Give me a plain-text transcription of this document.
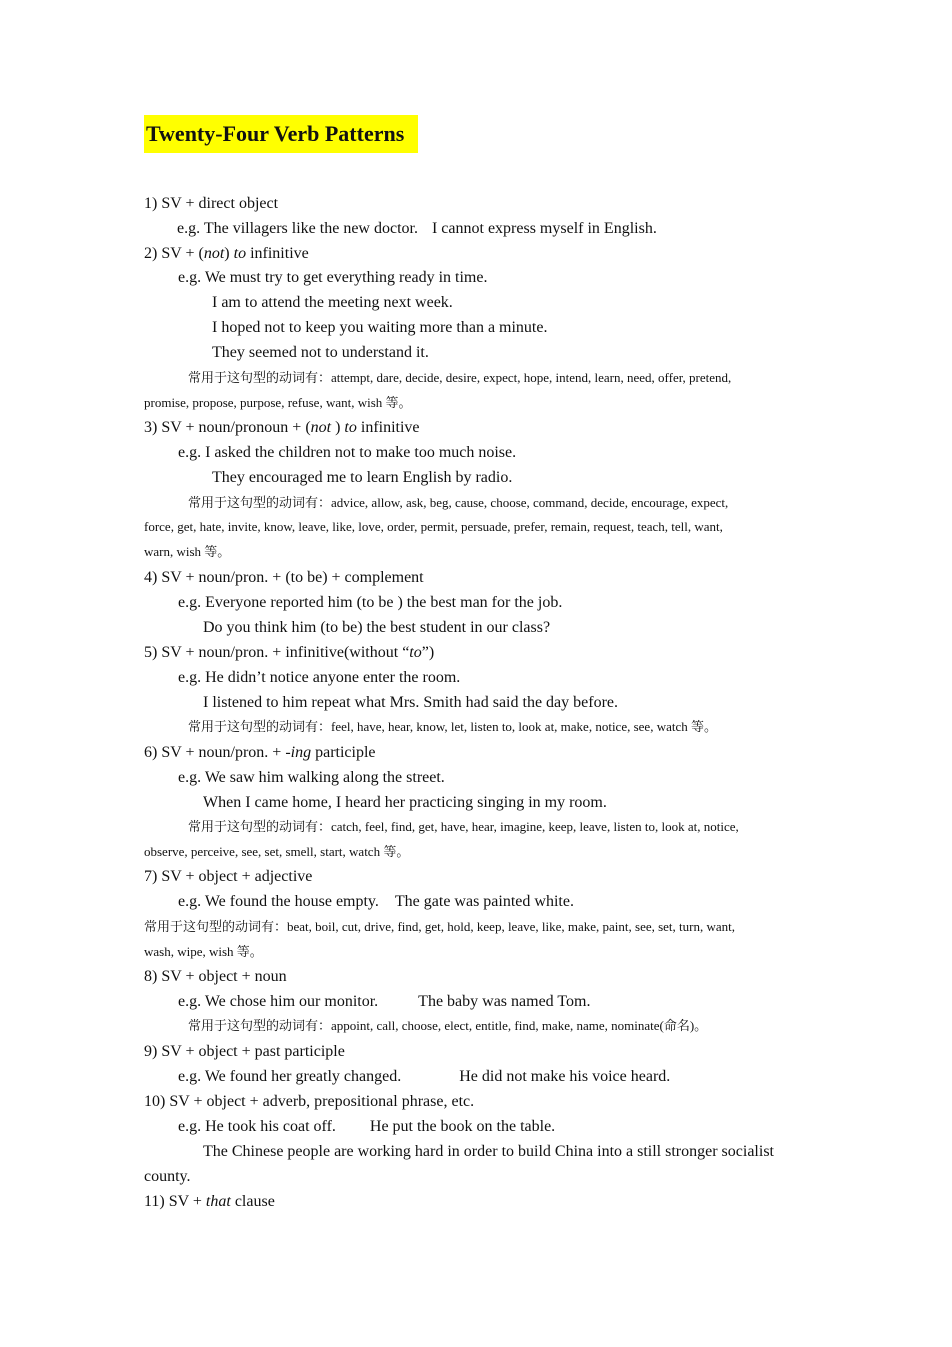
Twenty-Four Verb Patterns
1) SV + direct object
e.g. The villagers like the new doctor. I cannot express myself in English.
2) SV + (not) to infinitive
e.g. We must try to get everything ready in time.
I am to attend the meeting next week.
I hoped not to keep you waiting more than a minute.
They seemed not to understand it.
常用于这句型的动词有：attempt, dare, decide, desire, expect, hope, intend, learn, need, offer, pretend,
promise, propose, purpose, refuse, want, wish 等。
3) SV + noun/pronoun + (not ) to infinitive
e.g. I asked the children not to make too much noise.
They encouraged me to learn English by radio.
常用于这句型的动词有：advice, allow, ask, beg, cause, choose, command, decide, encourage, expect,
force, get, hate, invite, know, leave, like, love, order, permit, persuade, prefer, remain, request, teach, tell, want,
warn, wish 等。
4) SV + noun/pron. + (to be) + complement
e.g. Everyone reported him (to be ) the best man for the job.
Do you think him (to be) the best student in our class?
5) SV + noun/pron. + infinitive(without “to”)
e.g. He didn’t notice anyone enter the room.
I listened to him repeat what Mrs. Smith had said the day before.
常用于这句型的动词有：feel, have, hear, know, let, listen to, look at, make, notice, see, watch 等。
6) SV + noun/pron. + -ing participle
e.g. We saw him walking along the street.
When I came home, I heard her practicing singing in my room.
常用于这句型的动词有：catch, feel, find, get, have, hear, imagine, keep, leave, listen to, look at, notice,
observe, perceive, see, set, smell, start, watch 等。
7) SV + object + adjective
e.g. We found the house empty. The gate was painted white.
常用于这句型的动词有：beat, boil, cut, drive, find, get, hold, keep, leave, like, make, paint, see, set, turn, want,
wash, wipe, wish 等。
8) SV + object + noun
e.g. We chose him our monitor.	The baby was named Tom.
常用于这句型的动词有：appoint, call, choose, elect, entitle, find, make, name, nominate(命名)。
9) SV + object + past participle
e.g. We found her greatly changed.	He did not make his voice heard.
10) SV + object + adverb, prepositional phrase, etc.
e.g. He took his coat off. He put the book on the table.
The Chinese people are working hard in order to build China into a still stronger socialist
county.
11) SV + that clause
